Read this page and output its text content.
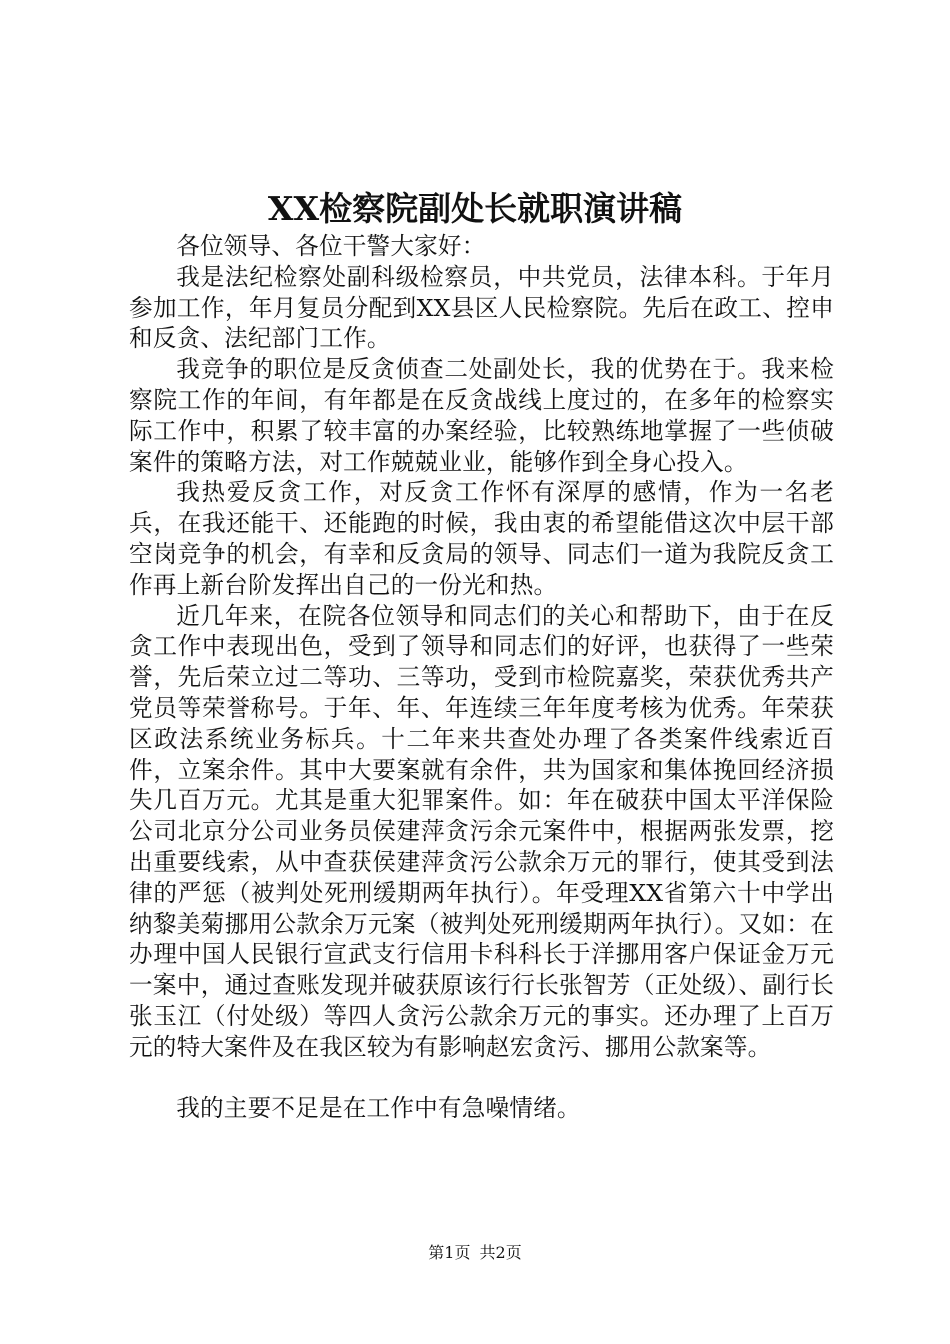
XX检察院副处长就职演讲稿

各位领导、各位干警大家好：

我是法纪检察处副科级检察员，中共党员，法律本科。于年月参加工作，年月复员分配到XX县区人民检察院。先后在政工、控申和反贪、法纪部门工作。

我竞争的职位是反贪侦查二处副处长，我的优势在于。我来检察院工作的年间，有年都是在反贪战线上度过的，在多年的检察实际工作中，积累了较丰富的办案经验，比较熟练地掌握了一些侦破案件的策略方法，对工作兢兢业业，能够作到全身心投入。

我热爱反贪工作，对反贪工作怀有深厚的感情，作为一名老兵，在我还能干、还能跑的时候，我由衷的希望能借这次中层干部空岗竞争的机会，有幸和反贪局的领导、同志们一道为我院反贪工作再上新台阶发挥出自己的一份光和热。

近几年来，在院各位领导和同志们的关心和帮助下，由于在反贪工作中表现出色，受到了领导和同志们的好评，也获得了一些荣誉，先后荣立过二等功、三等功，受到市检院嘉奖，荣获优秀共产党员等荣誉称号。于年、年、年连续三年年度考核为优秀。年荣获区政法系统业务标兵。十二年来共查处办理了各类案件线索近百件，立案余件。其中大要案就有余件，共为国家和集体挽回经济损失几百万元。尤其是重大犯罪案件。如：年在破获中国太平洋保险公司北京分公司业务员侯建萍贪污余元案件中，根据两张发票，挖出重要线索，从中查获侯建萍贪污公款余万元的罪行，使其受到法律的严惩（被判处死刑缓期两年执行）。年受理XX省第六十中学出纳黎美菊挪用公款余万元案（被判处死刑缓期两年执行）。又如：在办理中国人民银行宣武支行信用卡科科长于洋挪用客户保证金万元一案中，通过查账发现并破获原该行行长张智芳（正处级）、副行长张玉江（付处级）等四人贪污公款余万元的事实。还办理了上百万元的特大案件及在我区较为有影响赵宏贪污、挪用公款案等。

我的主要不足是在工作中有急噪情绪。

第1页 共2页
